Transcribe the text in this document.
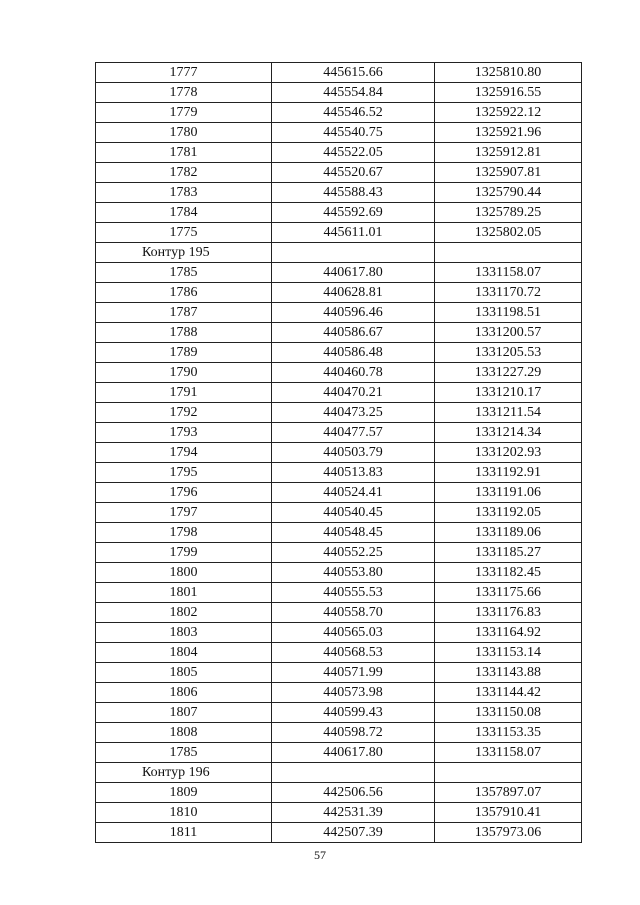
1777	445615.66	1325810.80
1778	445554.84	1325916.55
1779	445546.52	1325922.12
1780	445540.75	1325921.96
1781	445522.05	1325912.81
1782	445520.67	1325907.81
1783	445588.43	1325790.44
1784	445592.69	1325789.25
1775	445611.01	1325802.05
Контур 195		
1785	440617.80	1331158.07
1786	440628.81	1331170.72
1787	440596.46	1331198.51
1788	440586.67	1331200.57
1789	440586.48	1331205.53
1790	440460.78	1331227.29
1791	440470.21	1331210.17
1792	440473.25	1331211.54
1793	440477.57	1331214.34
1794	440503.79	1331202.93
1795	440513.83	1331192.91
1796	440524.41	1331191.06
1797	440540.45	1331192.05
1798	440548.45	1331189.06
1799	440552.25	1331185.27
1800	440553.80	1331182.45
1801	440555.53	1331175.66
1802	440558.70	1331176.83
1803	440565.03	1331164.92
1804	440568.53	1331153.14
1805	440571.99	1331143.88
1806	440573.98	1331144.42
1807	440599.43	1331150.08
1808	440598.72	1331153.35
1785	440617.80	1331158.07
Контур 196		
1809	442506.56	1357897.07
1810	442531.39	1357910.41
1811	442507.39	1357973.06
57
